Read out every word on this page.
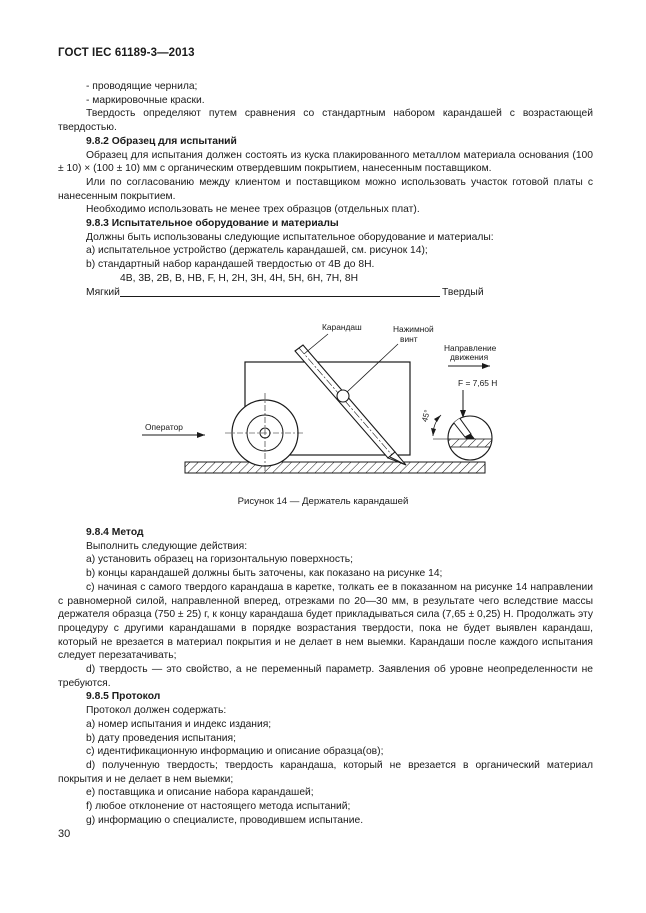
ГОСТ IEC 61189-3—2013

- проводящие чернила;

- маркировочные краски.

Твердость определяют путем сравнения со стандартным набором карандашей с возрастающей твердостью.

9.8.2 Образец для испытаний

Образец для испытания должен состоять из куска плакированного металлом материала основания (100 ± 10) × (100 ± 10) мм с органическим отвердевшим покрытием, нанесенным поставщиком.

Или по согласованию между клиентом и поставщиком можно использовать участок готовой платы с нанесенным покрытием.

Необходимо использовать не менее трех образцов (отдельных плат).

9.8.3 Испытательное оборудование и материалы

Должны быть использованы следующие испытательное оборудование и материалы:

а) испытательное устройство (держатель карандашей, см. рисунок 14);

b) стандартный набор карандашей твердостью от 4B до 8H.

4B, 3B, 2B, B, HB, F, H, 2H, 3H, 4H, 5H, 6H, 7H, 8H

Мягкий	Твердый
Карандаш	Нажимной
винт
Направление
движения
F = 7,65 H
Оператор
45°
Рисунок 14 — Держатель карандашей

9.8.4 Метод

Выполнить следующие действия:

а) установить образец на горизонтальную поверхность;

b) концы карандашей должны быть заточены, как показано на рисунке 14;

с) начиная с самого твердого карандаша в каретке, толкать ее в показанном на рисунке 14 направлении с равномерной силой, направленной вперед, отрезками по 20—30 мм, в результате чего вследствие массы держателя образца (750 ± 25) г, к концу карандаша будет прикладываться сила (7,65 ± 0,25) H. Продолжать эту процедуру с другими карандашами в порядке возрастания твердости, пока не будет выявлен карандаш, который не врезается в материал покрытия и не делает в нем выемки. Карандаши после каждого испытания следует перезатачивать;

d) твердость — это свойство, а не переменный параметр. Заявления об уровне неопределенности не требуются.

9.8.5 Протокол

Протокол должен содержать:

а) номер испытания и индекс издания;

b) дату проведения испытания;

с) идентификационную информацию и описание образца(ов);

d) полученную твердость; твердость карандаша, который не врезается в органический материал покрытия и не делает в нем выемки;

е) поставщика и описание набора карандашей;

f) любое отклонение от настоящего метода испытаний;

g) информацию о специалисте, проводившем испытание.

30
